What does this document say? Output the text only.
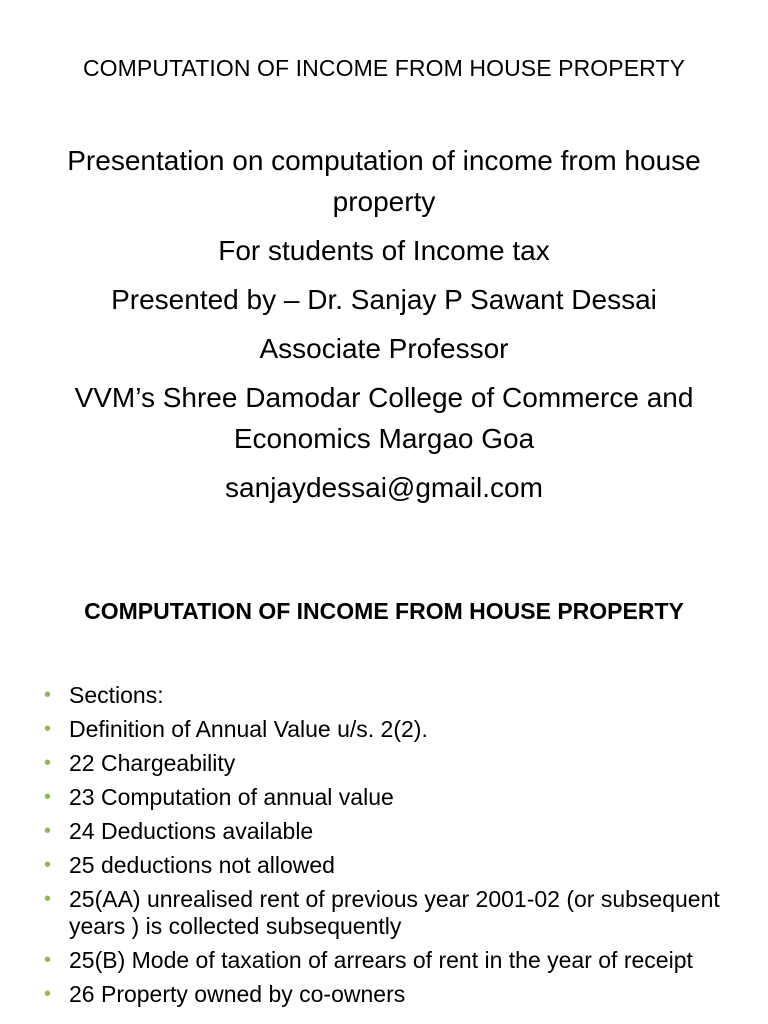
COMPUTATION OF INCOME FROM HOUSE PROPERTY
Presentation on computation of income from house property
For students of Income tax
Presented by – Dr. Sanjay P Sawant Dessai
Associate Professor
VVM’s Shree Damodar College of Commerce and Economics Margao Goa
sanjaydessai@gmail.com
COMPUTATION OF INCOME FROM HOUSE PROPERTY
• Sections:
• Definition of Annual Value u/s. 2(2).
• 22 Chargeability
• 23 Computation of annual value
• 24 Deductions available
• 25 deductions not allowed
• 25(AA) unrealised rent of previous year 2001-02 (or subsequent years ) is collected subsequently
• 25(B) Mode of taxation of arrears of rent in the year of receipt
• 26 Property owned by co-owners
